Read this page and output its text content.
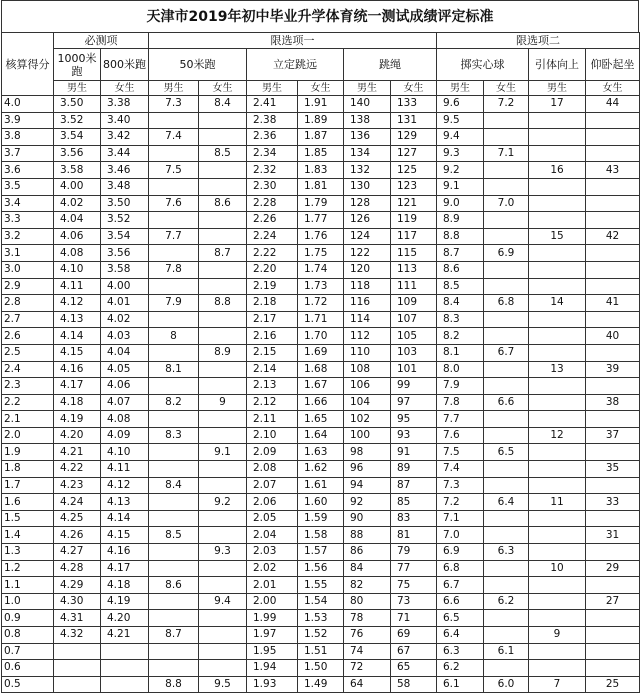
天津市2019年初中毕业升学体育统一测试成绩评定标准
核算得分	必测项		限选项一						限选项二			
	1000米跑	800米跑	50米跑		立定跳远		跳绳		掷实心球		引体向上	仰卧起坐
	男生	女生	男生	女生	男生	女生	男生	女生	男生	女生	男生	女生
4.0	3.50	3.38	7.3	8.4	2.41	1.91	140	133	9.6	7.2	17	44
3.9	3.52	3.40			2.38	1.89	138	131	9.5			
3.8	3.54	3.42	7.4		2.36	1.87	136	129	9.4			
3.7	3.56	3.44		8.5	2.34	1.85	134	127	9.3	7.1		
3.6	3.58	3.46	7.5		2.32	1.83	132	125	9.2		16	43
3.5	4.00	3.48			2.30	1.81	130	123	9.1			
3.4	4.02	3.50	7.6	8.6	2.28	1.79	128	121	9.0	7.0		
3.3	4.04	3.52			2.26	1.77	126	119	8.9			
3.2	4.06	3.54	7.7		2.24	1.76	124	117	8.8		15	42
3.1	4.08	3.56		8.7	2.22	1.75	122	115	8.7	6.9		
3.0	4.10	3.58	7.8		2.20	1.74	120	113	8.6			
2.9	4.11	4.00			2.19	1.73	118	111	8.5			
2.8	4.12	4.01	7.9	8.8	2.18	1.72	116	109	8.4	6.8	14	41
2.7	4.13	4.02			2.17	1.71	114	107	8.3			
2.6	4.14	4.03	8		2.16	1.70	112	105	8.2			40
2.5	4.15	4.04		8.9	2.15	1.69	110	103	8.1	6.7		
2.4	4.16	4.05	8.1		2.14	1.68	108	101	8.0		13	39
2.3	4.17	4.06			2.13	1.67	106	99	7.9			
2.2	4.18	4.07	8.2	9	2.12	1.66	104	97	7.8	6.6		38
2.1	4.19	4.08			2.11	1.65	102	95	7.7			
2.0	4.20	4.09	8.3		2.10	1.64	100	93	7.6		12	37
1.9	4.21	4.10		9.1	2.09	1.63	98	91	7.5	6.5		
1.8	4.22	4.11			2.08	1.62	96	89	7.4			35
1.7	4.23	4.12	8.4		2.07	1.61	94	87	7.3			
1.6	4.24	4.13		9.2	2.06	1.60	92	85	7.2	6.4	11	33
1.5	4.25	4.14			2.05	1.59	90	83	7.1			
1.4	4.26	4.15	8.5		2.04	1.58	88	81	7.0			31
1.3	4.27	4.16		9.3	2.03	1.57	86	79	6.9	6.3		
1.2	4.28	4.17			2.02	1.56	84	77	6.8		10	29
1.1	4.29	4.18	8.6		2.01	1.55	82	75	6.7			
1.0	4.30	4.19		9.4	2.00	1.54	80	73	6.6	6.2		27
0.9	4.31	4.20			1.99	1.53	78	71	6.5			
0.8	4.32	4.21	8.7		1.97	1.52	76	69	6.4		9	
0.7					1.95	1.51	74	67	6.3	6.1		
0.6					1.94	1.50	72	65	6.2			
0.5			8.8	9.5	1.93	1.49	64	58	6.1	6.0	7	25
